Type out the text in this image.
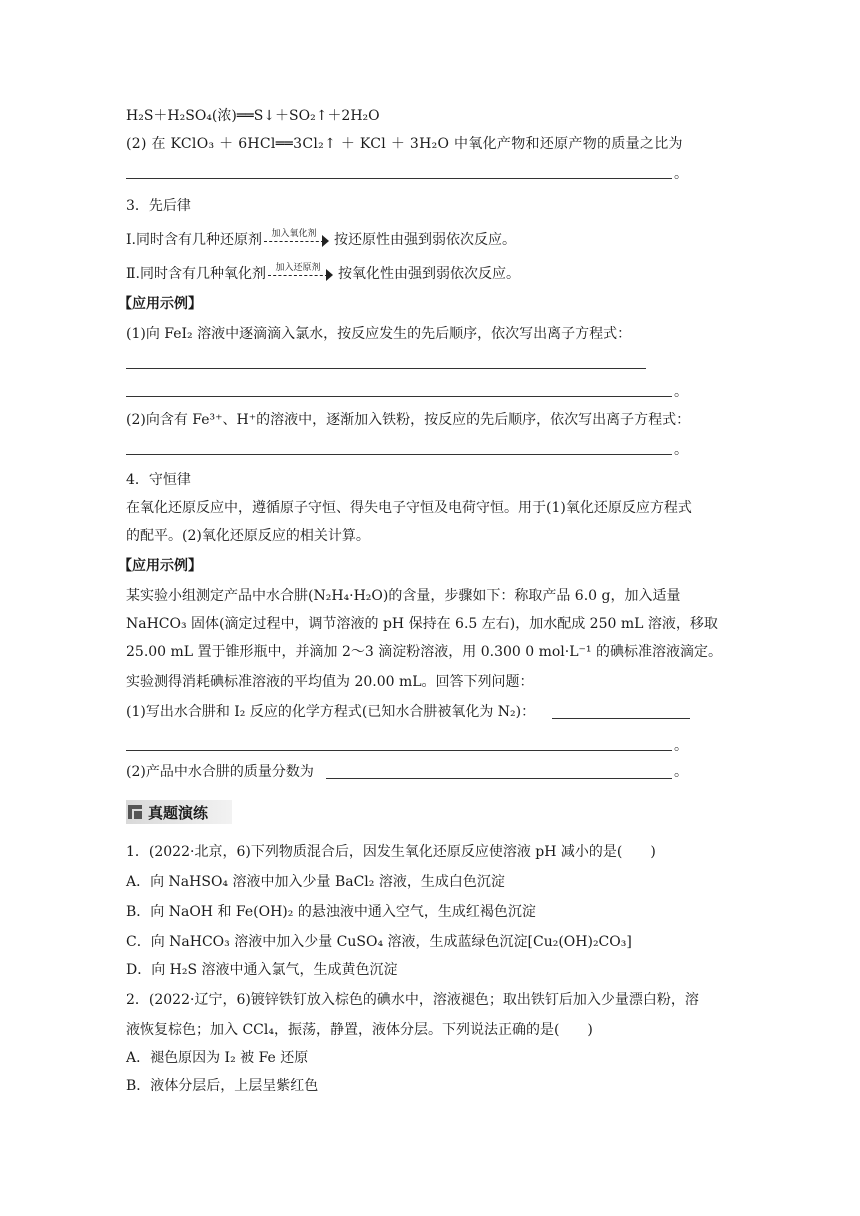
H₂S＋H₂SO₄(浓)══S↓＋SO₂↑＋2H₂O
(2) 在 KClO₃ ＋ 6HCl══3Cl₂↑ ＋ KCl ＋ 3H₂O 中氧化产物和还原产物的质量之比为
。
3．先后律
Ⅰ.同时含有几种还原剂	加入氧化剂	按还原性由强到弱依次反应。
Ⅱ.同时含有几种氧化剂	加入还原剂	按氧化性由强到弱依次反应。
【应用示例】
(1)向 FeI₂ 溶液中逐滴滴入氯水，按反应发生的先后顺序，依次写出离子方程式：
。
(2)向含有 Fe³⁺、H⁺的溶液中，逐渐加入铁粉，按反应的先后顺序，依次写出离子方程式：
。
4．守恒律
在氧化还原反应中，遵循原子守恒、得失电子守恒及电荷守恒。用于(1)氧化还原反应方程式
的配平。(2)氧化还原反应的相关计算。
【应用示例】
某实验小组测定产品中水合肼(N₂H₄·H₂O)的含量，步骤如下：称取产品 6.0 g，加入适量
NaHCO₃ 固体(滴定过程中，调节溶液的 pH 保持在 6.5 左右)，加水配成 250 mL 溶液，移取
25.00 mL 置于锥形瓶中，并滴加 2～3 滴淀粉溶液，用 0.300 0 mol·L⁻¹ 的碘标准溶液滴定。
实验测得消耗碘标准溶液的平均值为 20.00 mL。回答下列问题：
(1)写出水合肼和 I₂ 反应的化学方程式(已知水合肼被氧化为 N₂)：
。
(2)产品中水合肼的质量分数为	。
真题演练
1．(2022·北京，6)下列物质混合后，因发生氧化还原反应使溶液 pH 减小的是(　　)
A．向 NaHSO₄ 溶液中加入少量 BaCl₂ 溶液，生成白色沉淀
B．向 NaOH 和 Fe(OH)₂ 的悬浊液中通入空气，生成红褐色沉淀
C．向 NaHCO₃ 溶液中加入少量 CuSO₄ 溶液，生成蓝绿色沉淀[Cu₂(OH)₂CO₃]
D．向 H₂S 溶液中通入氯气，生成黄色沉淀
2．(2022·辽宁，6)镀锌铁钉放入棕色的碘水中，溶液褪色；取出铁钉后加入少量漂白粉，溶
液恢复棕色；加入 CCl₄，振荡，静置，液体分层。下列说法正确的是(　　)
A．褪色原因为 I₂ 被 Fe 还原
B．液体分层后，上层呈紫红色
